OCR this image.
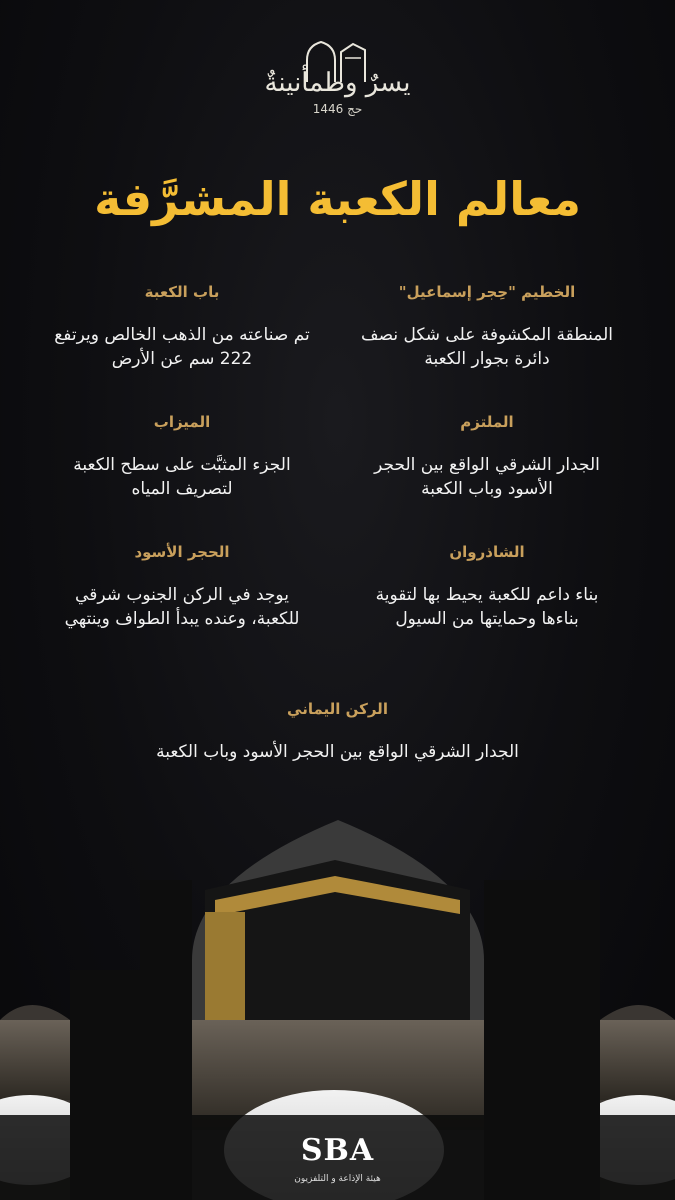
يسرٌ وطمأنينةٌ
حج 1446
معالم الكعبة المشرَّفة
الخطيم "حِجر إسماعيل"

المنطقة المكشوفة على شكل نصف دائرة بجوار الكعبة

باب الكعبة

تم صناعته من الذهب الخالص ويرتفع 222 سم عن الأرض

الملتزم

الجدار الشرقي الواقع بين الحجر الأسود وباب الكعبة

الميزاب

الجزء المثبَّت على سطح الكعبة لتصريف المياه

الشاذروان

بناء داعم للكعبة يحيط بها لتقوية بناءها وحمايتها من السيول

الحجر الأسود

يوجد في الركن الجنوب شرقي للكعبة، وعنده يبدأ الطواف وينتهي

الركن اليماني

الجدار الشرقي الواقع بين الحجر الأسود وباب الكعبة

SBA
هيئة الإذاعة و التلفزيون
